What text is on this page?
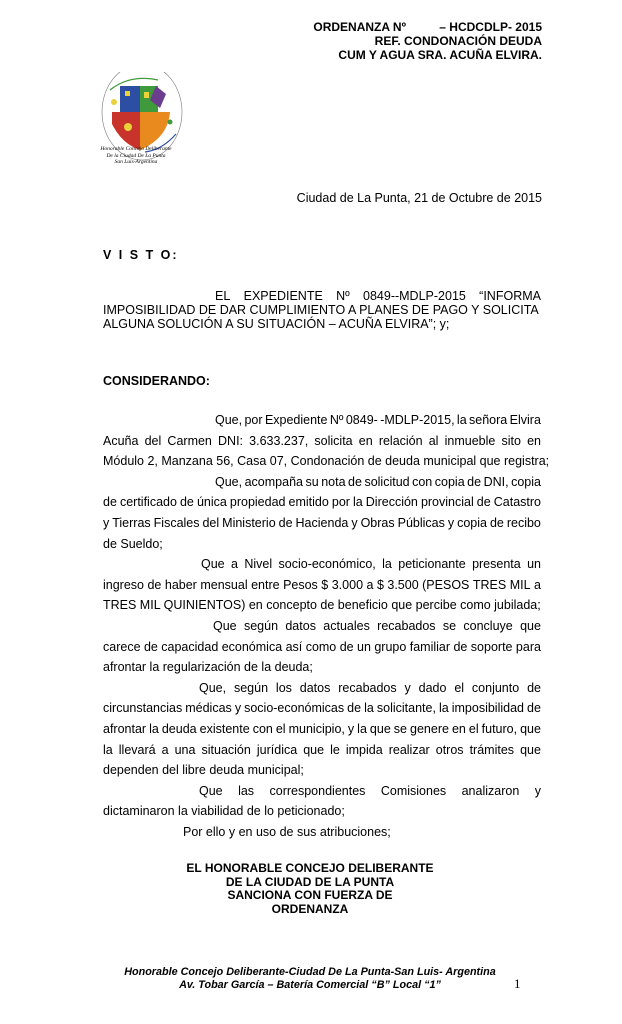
ORDENANZA Nº          – HCDCDLP- 2015
REF. CONDONACIÓN DEUDA
CUM Y AGUA SRA. ACUÑA ELVIRA.
Honorable Concejo Deliberante
De la Ciudad De La Punta
San Luis-Argentina
Ciudad de La Punta, 21 de Octubre de 2015
V I S T O:
EL EXPEDIENTE Nº 0849--MDLP-2015 “INFORMA
IMPOSIBILIDAD DE DAR CUMPLIMIENTO A PLANES DE PAGO Y SOLICITA
ALGUNA SOLUCIÓN A SU SITUACIÓN – ACUÑA ELVIRA”; y;
CONSIDERANDO:
Que, por Expediente Nº 0849- -MDLP-2015, la señora Elvira
Acuña del Carmen DNI: 3.633.237, solicita en relación al inmueble sito en
Módulo 2, Manzana 56, Casa 07, Condonación de deuda municipal que registra;
Que, acompaña su nota de solicitud con copia de DNI, copia
de certificado de única propiedad emitido por la Dirección provincial de Catastro
y Tierras Fiscales del Ministerio de Hacienda y Obras Públicas y copia de recibo
de Sueldo;
Que a Nivel socio-económico, la peticionante presenta un
ingreso de haber mensual entre Pesos $ 3.000 a $ 3.500 (PESOS TRES MIL a
TRES MIL QUINIENTOS) en concepto de beneficio que percibe como jubilada;
Que según datos actuales recabados se concluye que
carece de capacidad económica así como de un grupo familiar de soporte para
afrontar la regularización de la deuda;
Que, según los datos recabados y dado el conjunto de
circunstancias médicas y socio-económicas de la solicitante, la imposibilidad de
afrontar la deuda existente con el municipio, y la que se genere en el futuro, que
la llevará a una situación jurídica que le impida realizar otros trámites que
dependen del libre deuda municipal;
Que las correspondientes Comisiones analizaron y
dictaminaron la viabilidad de lo peticionado;
Por ello y en uso de sus atribuciones;
EL HONORABLE CONCEJO DELIBERANTE
DE LA CIUDAD DE LA PUNTA
SANCIONA CON FUERZA DE
ORDENANZA
Honorable Concejo Deliberante-Ciudad De La Punta-San Luis- Argentina
Av. Tobar García – Batería Comercial “B” Local “1”	1
